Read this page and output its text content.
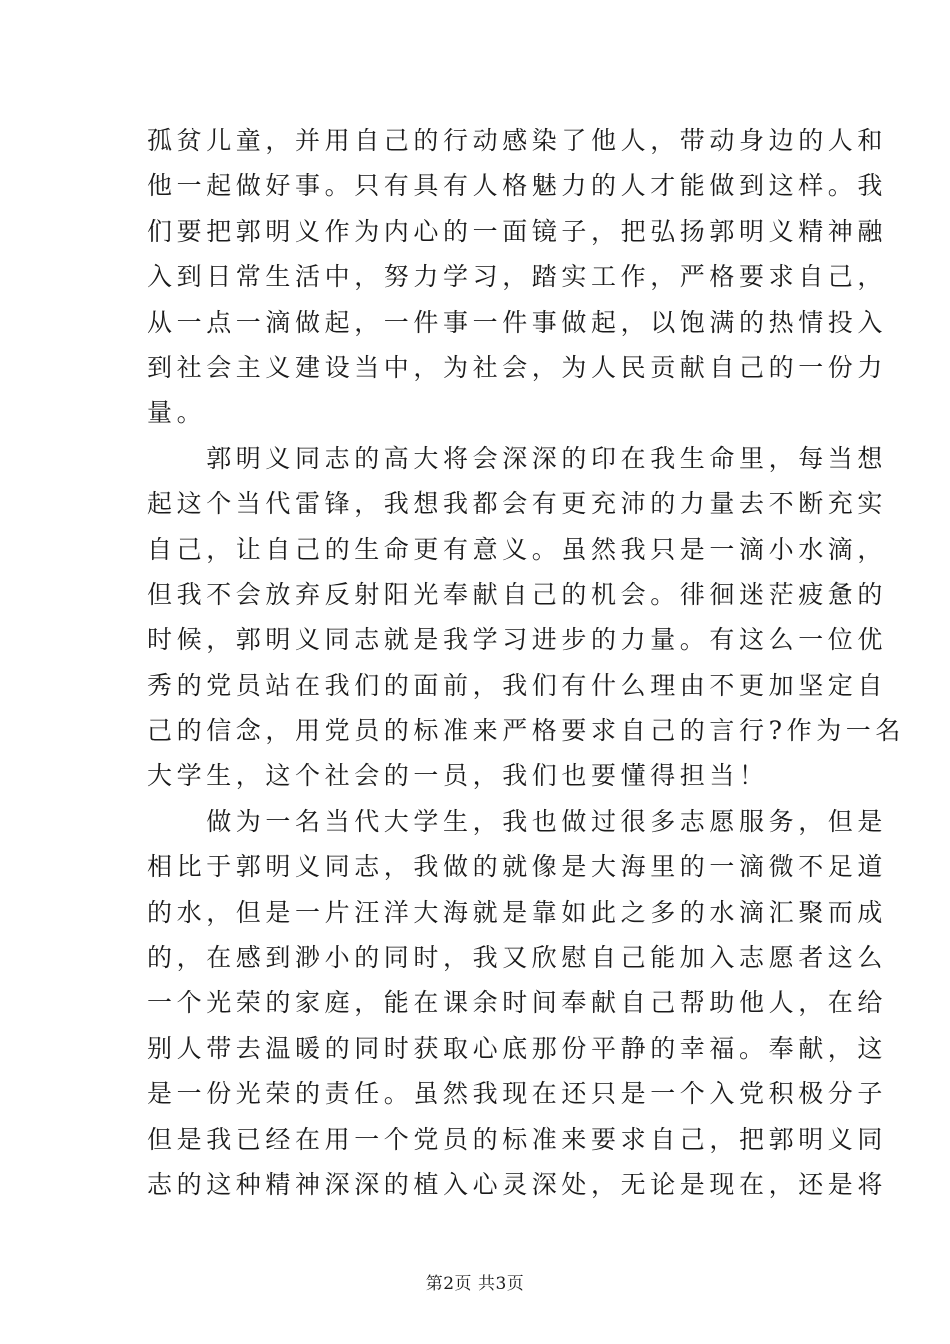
孤贫儿童，并用自己的行动感染了他人，带动身边的人和
他一起做好事。只有具有人格魅力的人才能做到这样。我
们要把郭明义作为内心的一面镜子，把弘扬郭明义精神融
入到日常生活中，努力学习，踏实工作，严格要求自己，
从一点一滴做起，一件事一件事做起，以饱满的热情投入
到社会主义建设当中，为社会，为人民贡献自己的一份力
量。
　　郭明义同志的高大将会深深的印在我生命里，每当想
起这个当代雷锋，我想我都会有更充沛的力量去不断充实
自己，让自己的生命更有意义。虽然我只是一滴小水滴，
但我不会放弃反射阳光奉献自己的机会。徘徊迷茫疲惫的
时候，郭明义同志就是我学习进步的力量。有这么一位优
秀的党员站在我们的面前，我们有什么理由不更加坚定自
己的信念，用党员的标准来严格要求自己的言行?作为一名
大学生，这个社会的一员，我们也要懂得担当！
　　做为一名当代大学生，我也做过很多志愿服务，但是
相比于郭明义同志，我做的就像是大海里的一滴微不足道
的水，但是一片汪洋大海就是靠如此之多的水滴汇聚而成
的，在感到渺小的同时，我又欣慰自己能加入志愿者这么
一个光荣的家庭，能在课余时间奉献自己帮助他人，在给
别人带去温暖的同时获取心底那份平静的幸福。奉献，这
是一份光荣的责任。虽然我现在还只是一个入党积极分子
但是我已经在用一个党员的标准来要求自己，把郭明义同
志的这种精神深深的植入心灵深处，无论是现在，还是将
第2页 共3页
